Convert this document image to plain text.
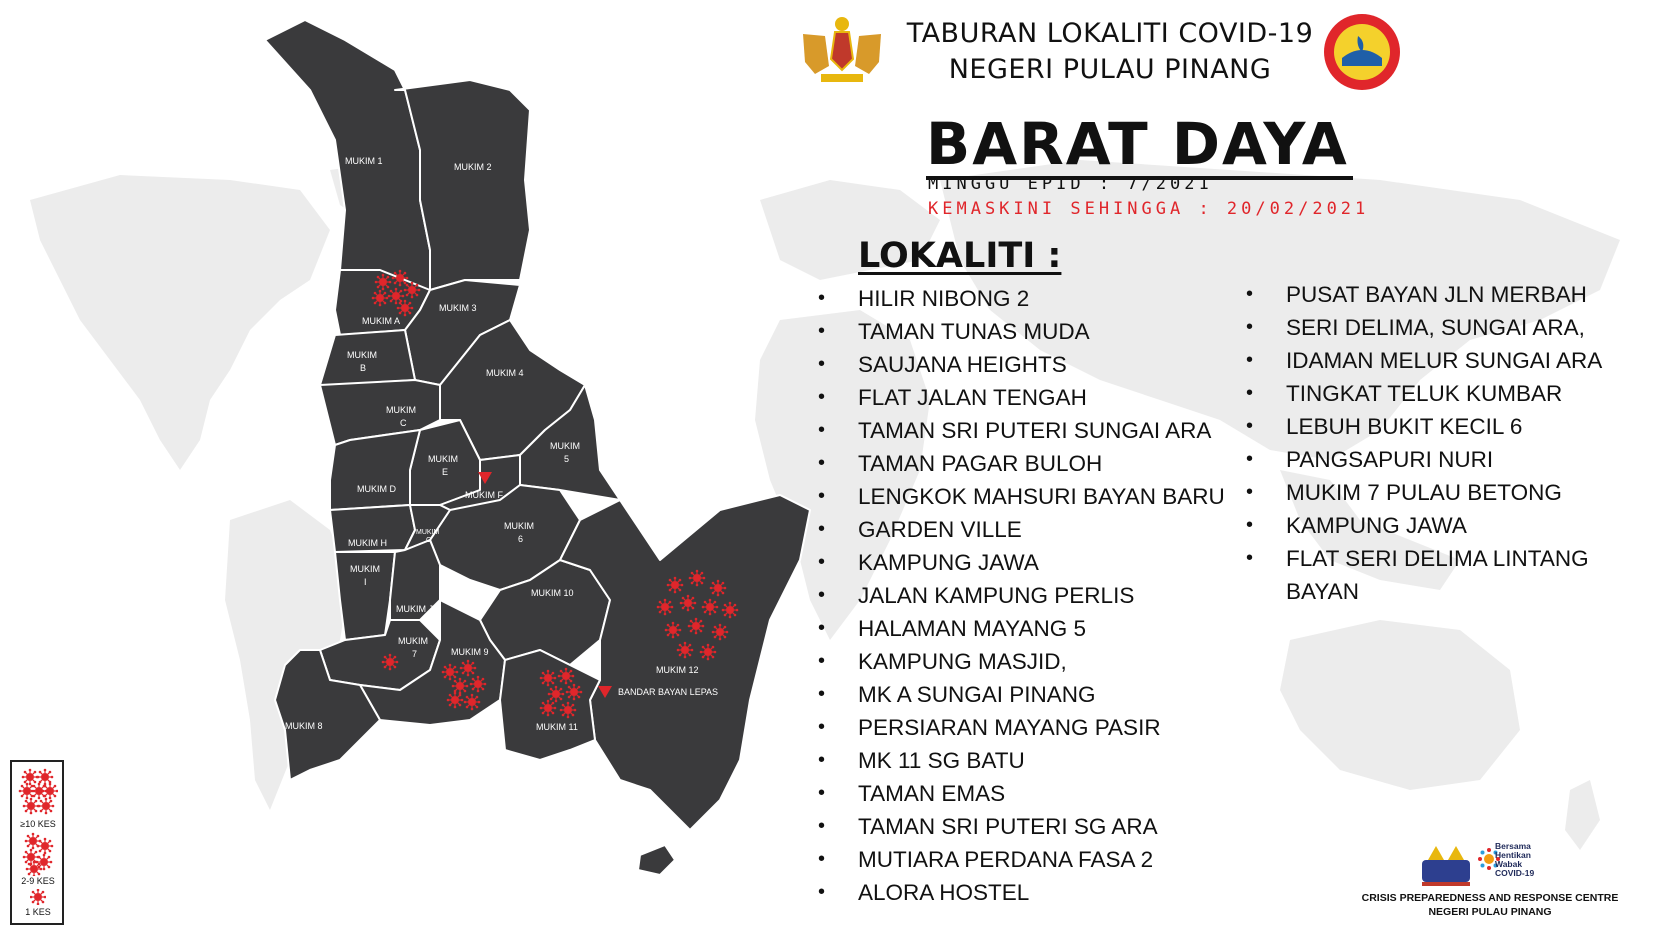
MUKIM 1
MUKIM 2
MUKIM 3
MUKIM A
MUKIM
B	MUKIM 4
MUKIM
C
MUKIM
E
MUKIM
5
MUKIM F
MUKIM D
MUKIM
6
MUKIM H
MUKIM
G
MUKIM
I
MUKIM J
MUKIM 10
MUKIM
7	MUKIM 9
MUKIM 12
BANDAR BAYAN LEPAS
MUKIM 11
MUKIM 8
TABURAN LOKALITI COVID-19
NEGERI PULAU PINANG
BARAT DAYA
MINGGU EPID : 7/2021
KEMASKINI SEHINGGA : 20/02/2021
LOKALITI :
• HILIR NIBONG 2
• TAMAN TUNAS MUDA
• SAUJANA HEIGHTS
• FLAT JALAN TENGAH
• TAMAN SRI PUTERI SUNGAI ARA
• TAMAN PAGAR BULOH
• LENGKOK MAHSURI BAYAN BARU
• GARDEN VILLE
• KAMPUNG JAWA
• JALAN KAMPUNG PERLIS
• HALAMAN MAYANG 5
• KAMPUNG MASJID,
• MK A SUNGAI PINANG
• PERSIARAN MAYANG PASIR
• MK 11 SG BATU
• TAMAN EMAS
• TAMAN SRI PUTERI SG ARA
• MUTIARA PERDANA FASA 2
• ALORA HOSTEL
• PUSAT BAYAN JLN MERBAH
• SERI DELIMA, SUNGAI ARA,
• IDAMAN MELUR SUNGAI ARA
• TINGKAT TELUK KUMBAR
• LEBUH BUKIT KECIL 6
• PANGSAPURI NURI
• MUKIM 7 PULAU BETONG
• KAMPUNG JAWA
• FLAT SERI DELIMA LINTANG BAYAN
≥10 KES
2-9 KES
1 KES
Bersama
Hentikan
Wabak
COVID-19
CRISIS PREPAREDNESS AND RESPONSE CENTRE
NEGERI PULAU PINANG
